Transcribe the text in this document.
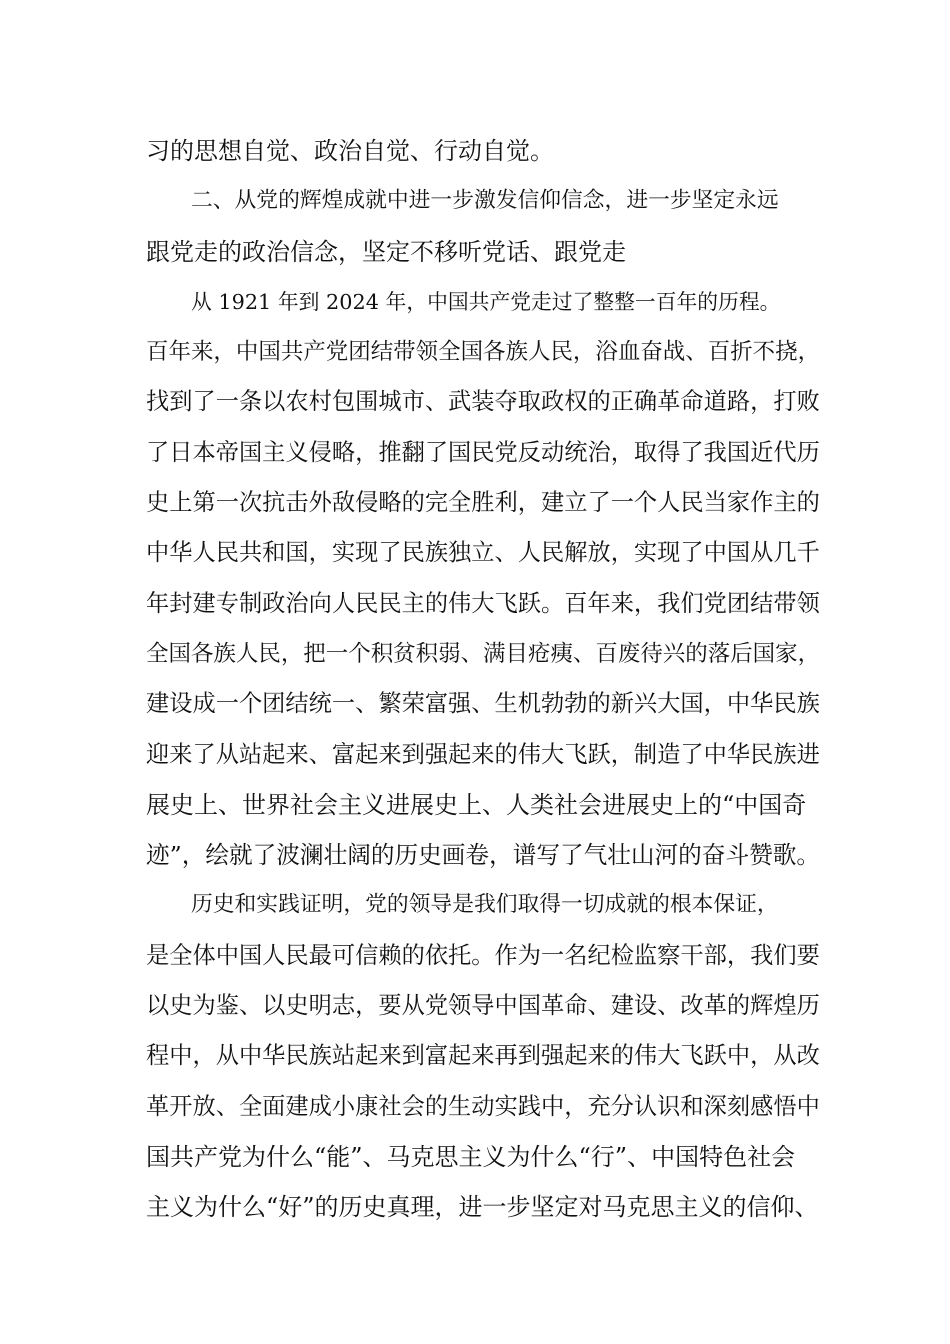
习的思想自觉、政治自觉、行动自觉。
二、从党的辉煌成就中进一步激发信仰信念，进一步坚定永远
跟党走的政治信念，坚定不移听党话、跟党走
从 1921 年到 2024 年，中国共产党走过了整整一百年的历程。
百年来，中国共产党团结带领全国各族人民，浴血奋战、百折不挠，
找到了一条以农村包围城市、武装夺取政权的正确革命道路，打败
了日本帝国主义侵略，推翻了国民党反动统治，取得了我国近代历
史上第一次抗击外敌侵略的完全胜利，建立了一个人民当家作主的
中华人民共和国，实现了民族独立、人民解放，实现了中国从几千
年封建专制政治向人民民主的伟大飞跃。百年来，我们党团结带领
全国各族人民，把一个积贫积弱、满目疮痍、百废待兴的落后国家，
建设成一个团结统一、繁荣富强、生机勃勃的新兴大国，中华民族
迎来了从站起来、富起来到强起来的伟大飞跃，制造了中华民族进
展史上、世界社会主义进展史上、人类社会进展史上的“中国奇
迹”，绘就了波澜壮阔的历史画卷，谱写了气壮山河的奋斗赞歌。
历史和实践证明，党的领导是我们取得一切成就的根本保证，
是全体中国人民最可信赖的依托。作为一名纪检监察干部，我们要
以史为鉴、以史明志，要从党领导中国革命、建设、改革的辉煌历
程中，从中华民族站起来到富起来再到强起来的伟大飞跃中，从改
革开放、全面建成小康社会的生动实践中，充分认识和深刻感悟中
国共产党为什么“能”、马克思主义为什么“行”、中国特色社会
主义为什么“好”的历史真理，进一步坚定对马克思主义的信仰、
